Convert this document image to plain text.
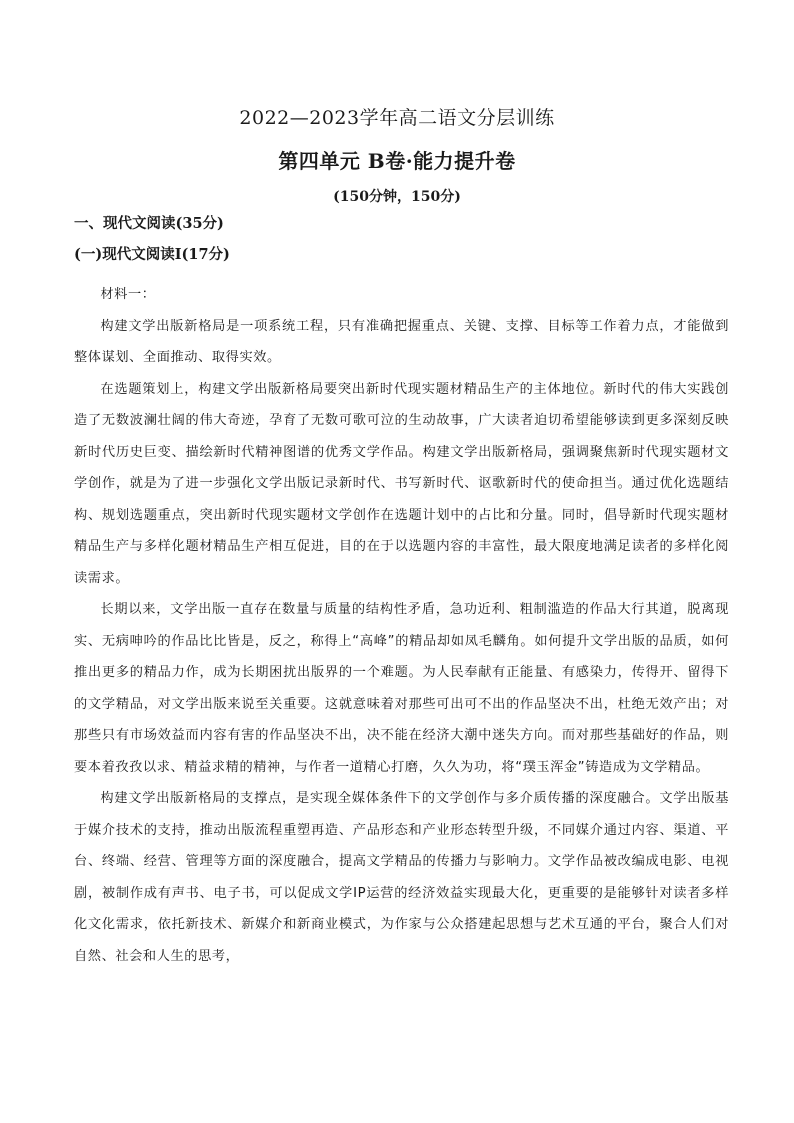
2022—2023学年高二语文分层训练
第四单元 B卷·能力提升卷
(150分钟，150分)
一、现代文阅读(35分)
(一)现代文阅读Ⅰ(17分)

材料一：

构建文学出版新格局是一项系统工程，只有准确把握重点、关键、支撑、目标等工作着力点，才能做到整体谋划、全面推动、取得实效。

在选题策划上，构建文学出版新格局要突出新时代现实题材精品生产的主体地位。新时代的伟大实践创造了无数波澜壮阔的伟大奇迹，孕育了无数可歌可泣的生动故事，广大读者迫切希望能够读到更多深刻反映新时代历史巨变、描绘新时代精神图谱的优秀文学作品。构建文学出版新格局，强调聚焦新时代现实题材文学创作，就是为了进一步强化文学出版记录新时代、书写新时代、讴歌新时代的使命担当。通过优化选题结构、规划选题重点，突出新时代现实题材文学创作在选题计划中的占比和分量。同时，倡导新时代现实题材精品生产与多样化题材精品生产相互促进，目的在于以选题内容的丰富性，最大限度地满足读者的多样化阅读需求。

长期以来，文学出版一直存在数量与质量的结构性矛盾，急功近利、粗制滥造的作品大行其道，脱离现实、无病呻吟的作品比比皆是，反之，称得上“高峰”的精品却如凤毛麟角。如何提升文学出版的品质，如何推出更多的精品力作，成为长期困扰出版界的一个难题。为人民奉献有正能量、有感染力，传得开、留得下的文学精品，对文学出版来说至关重要。这就意味着对那些可出可不出的作品坚决不出，杜绝无效产出；对那些只有市场效益而内容有害的作品坚决不出，决不能在经济大潮中迷失方向。而对那些基础好的作品，则要本着孜孜以求、精益求精的精神，与作者一道精心打磨，久久为功，将“璞玉浑金”铸造成为文学精品。

构建文学出版新格局的支撑点，是实现全媒体条件下的文学创作与多介质传播的深度融合。文学出版基于媒介技术的支持，推动出版流程重塑再造、产品形态和产业形态转型升级，不同媒介通过内容、渠道、平台、终端、经营、管理等方面的深度融合，提高文学精品的传播力与影响力。文学作品被改编成电影、电视剧，被制作成有声书、电子书，可以促成文学IP运营的经济效益实现最大化，更重要的是能够针对读者多样化文化需求，依托新技术、新媒介和新商业模式，为作家与公众搭建起思想与艺术互通的平台，聚合人们对自然、社会和人生的思考，
